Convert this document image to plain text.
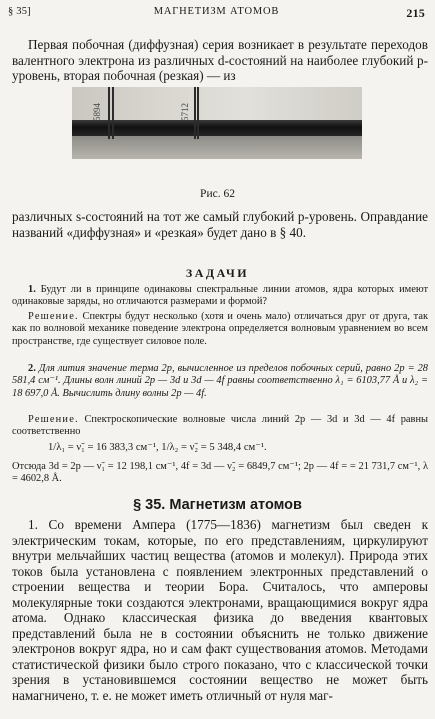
§ 35]	МАГНЕТИЗМ АТОМОВ	215
Первая побочная (диффузная) серия возникает в результате переходов валентного электрона из различных d-состояний на наиболее глубокий p-уровень, вторая побочная (резкая) — из
5894	5712
Рис. 62
различных s-состояний на тот же самый глубокий p-уровень. Оправдание названий «диффузная» и «резкая» будет дано в § 40.
ЗАДАЧИ
1. Будут ли в принципе одинаковы спектральные линии атомов, ядра которых имеют одинаковые заряды, но отличаются размерами и формой?
Решение. Спектры будут несколько (хотя и очень мало) отличаться друг от друга, так как по волновой механике поведение электрона определяется волновым уравнением во всем пространстве, где существует силовое поле.
2. Для лития значение терма 2p, вычисленное из пределов побочных серий, равно 2p = 28 581,4 см⁻¹. Длины волн линий 2p — 3d и 3d — 4f равны соответственно λ₁ = 6103,77 Å и λ₂ = 18 697,0 Å. Вычислить длину волны 2p — 4f.
Решение. Спектроскопические волновые числа линий 2p — 3d и 3d — 4f равны соответственно
1/λ₁ = ν̃₁ = 16 383,3 см⁻¹, 1/λ₂ = ν̃₂ = 5 348,4 см⁻¹.
Отсюда 3d = 2p — ν̃₁ = 12 198,1 см⁻¹, 4f = 3d — ν̃₂ = 6849,7 см⁻¹; 2p — 4f = = 21 731,7 см⁻¹, λ = 4602,8 Å.
§ 35. Магнетизм атомов
1. Со времени Ампера (1775—1836) магнетизм был сведен к электрическим токам, которые, по его представлениям, циркулируют внутри мельчайших частиц вещества (атомов и молекул). Природа этих токов была установлена с появлением электронных представлений о строении вещества и теории Бора. Считалось, что амперовы молекулярные токи создаются электронами, вращающимися вокруг ядра атома. Однако классическая физика до введения квантовых представлений была не в состоянии объяснить не только движение электронов вокруг ядра, но и сам факт существования атомов. Методами статистической физики было строго показано, что с классической точки зрения в установившемся состоянии вещество не может быть намагничено, т. е. не может иметь отличный от нуля маг-
